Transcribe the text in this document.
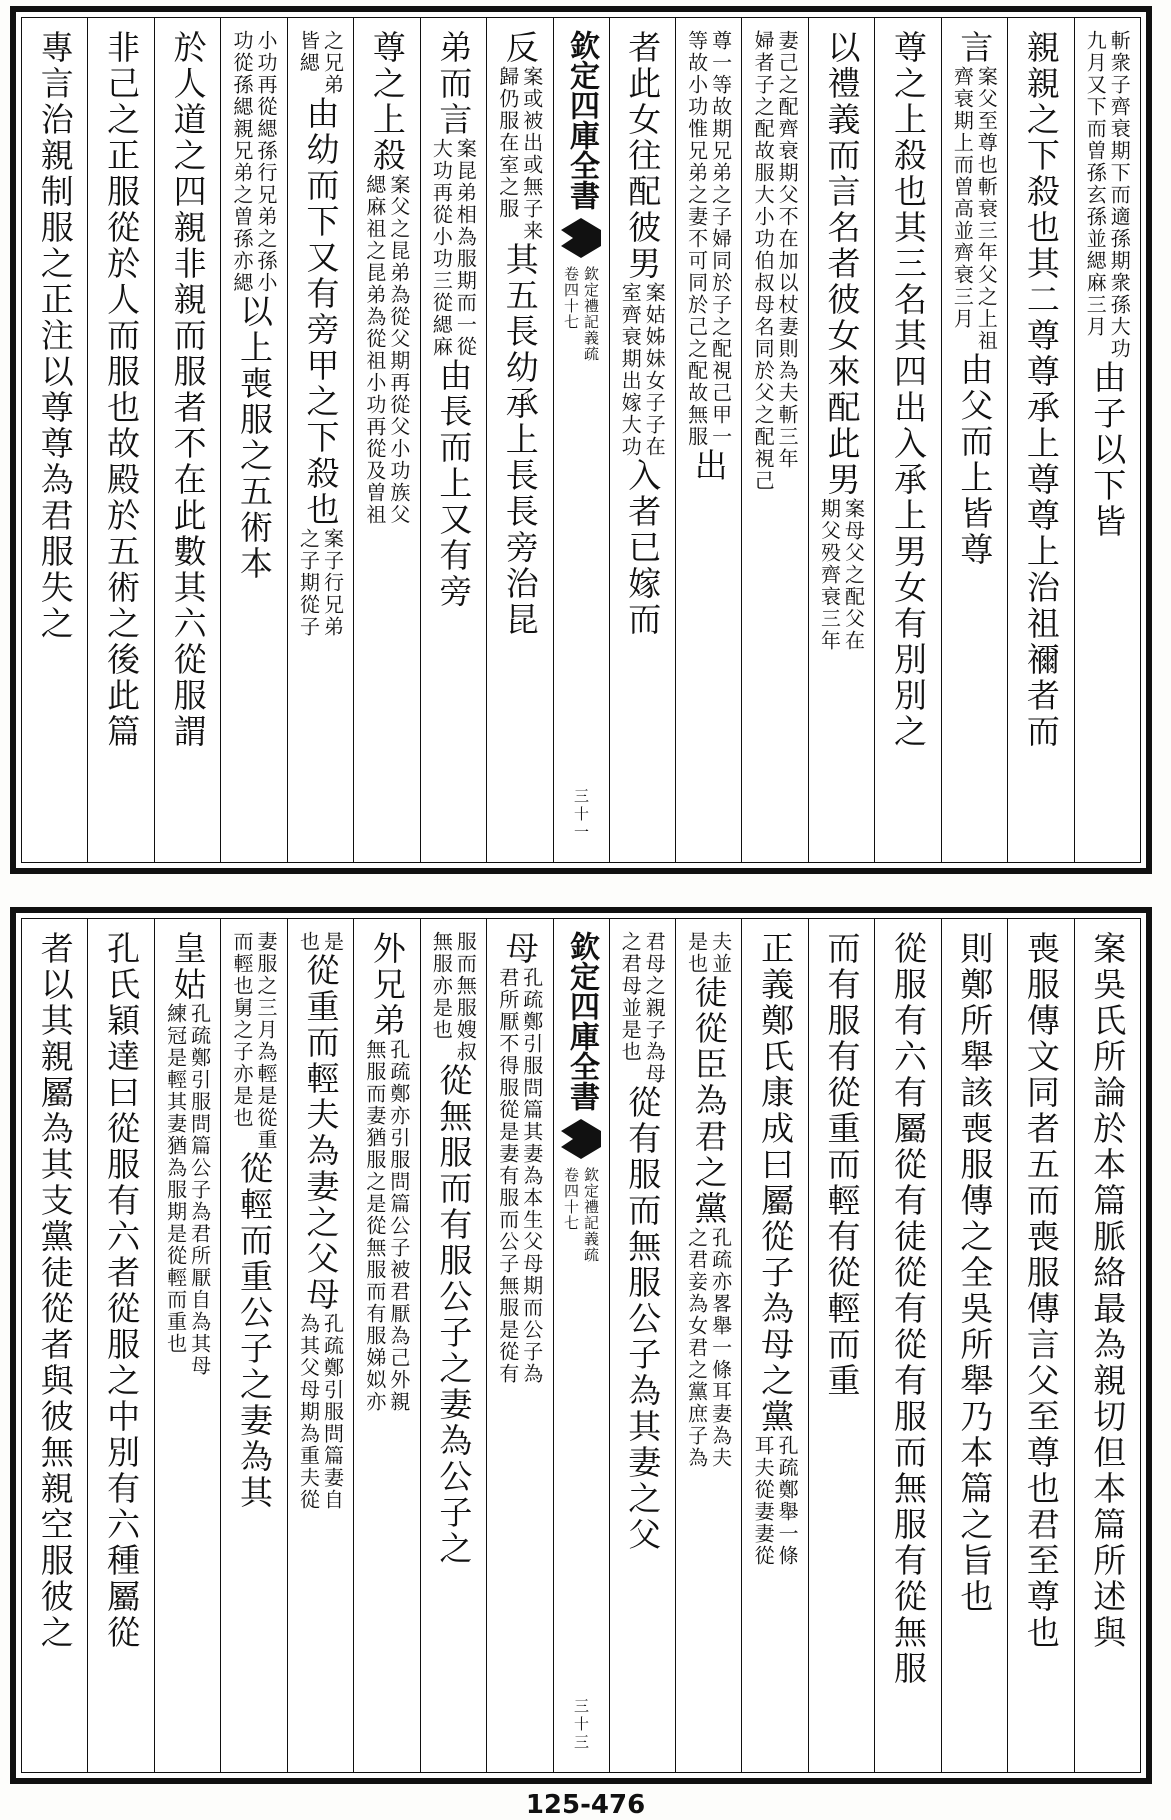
斬衆子齊衰期下而適孫期衆孫大功
九月又下而曽孫玄孫並緦麻三月
由子以下皆
親親之下殺也其二尊尊承上尊尊上治祖禰者而
言
案父至尊也斬衰三年父之上祖
齊衰期上而曽高並齊衰三月
由父而上皆尊
尊之上殺也其三名其四出入承上男女有別別之
以禮義而言名者彼女來配此男
案母父之配父在
期父殁齊衰三年
妻己之配齊衰期父不在加以杖妻則為夫斬三年
婦者子之配故服大小功伯叔母名同於父之配視己
尊一等故期兄弟之子婦同於子之配視己甲一
等故小功惟兄弟之妻不可同於己之配故無服
出
者此女往配彼男
案姑姊妹女子子在
室齊衰期出嫁大功
入者已嫁而
欽定四庫全書
欽定禮記義疏
卷四十七
三十一
反
案或被出或無子来
歸仍服在室之服
其五長幼承上長長旁治昆
弟而言
案昆弟相為服期而一從
大功再從小功三從緦麻
由長而上又有旁
尊之上殺
案父之昆弟為從父期再從父小功族父
緦麻祖之昆弟為從祖小功再從及曽祖
之兄弟
皆緦
由幼而下又有旁甲之下殺也
案子行兄弟
之子期從子
小功再從緦孫行兄弟之孫小
功從孫緦親兄弟之曽孫亦緦
以上喪服之五術本
於人道之四親非親而服者不在此數其六從服謂
非己之正服從於人而服也故殿於五術之後此篇
專言治親制服之正注以尊尊為君服失之
案吳氏所論於本篇脈絡最為親切但本篇所述與
喪服傳文同者五而喪服傳言父至尊也君至尊也
則鄭所舉該喪服傳之全吳所舉乃本篇之旨也
從服有六有屬從有徒從有從有服而無服有從無服
而有服有從重而輕有從輕而重
正義鄭氏康成曰屬從子為母之黨
孔疏鄭舉一條
耳夫從妻妻從
夫並
是也
徒從臣為君之黨
孔疏亦畧舉一條耳妻為夫
之君妾為女君之黨庶子為
君母之親子為母
之君母並是也
從有服而無服公子為其妻之父
欽定四庫全書
欽定禮記義疏
卷四十七
三十三
母
孔疏鄭引服問篇其妻為本生父母期而公子為
君所厭不得服從是妻有服而公子無服是從有
服而無服嫂叔
無服亦是也
從無服而有服公子之妻為公子之
外兄弟
孔疏鄭亦引服問篇公子被君厭為己外親
無服而妻猶服之是從無服而有服娣姒亦
是
也
從重而輕夫為妻之父母
孔疏鄭引服問篇妻自
為其父母期為重夫從
妻服之三月為輕是從重
而輕也舅之子亦是也
從輕而重公子之妻為其
皇姑
孔疏鄭引服問篇公子為君所厭自為其母
練冠是輕其妻猶為服期是從輕而重也
孔氏穎達曰從服有六者從服之中別有六種屬從
者以其親屬為其支黨徒從者與彼無親空服彼之
125-476
